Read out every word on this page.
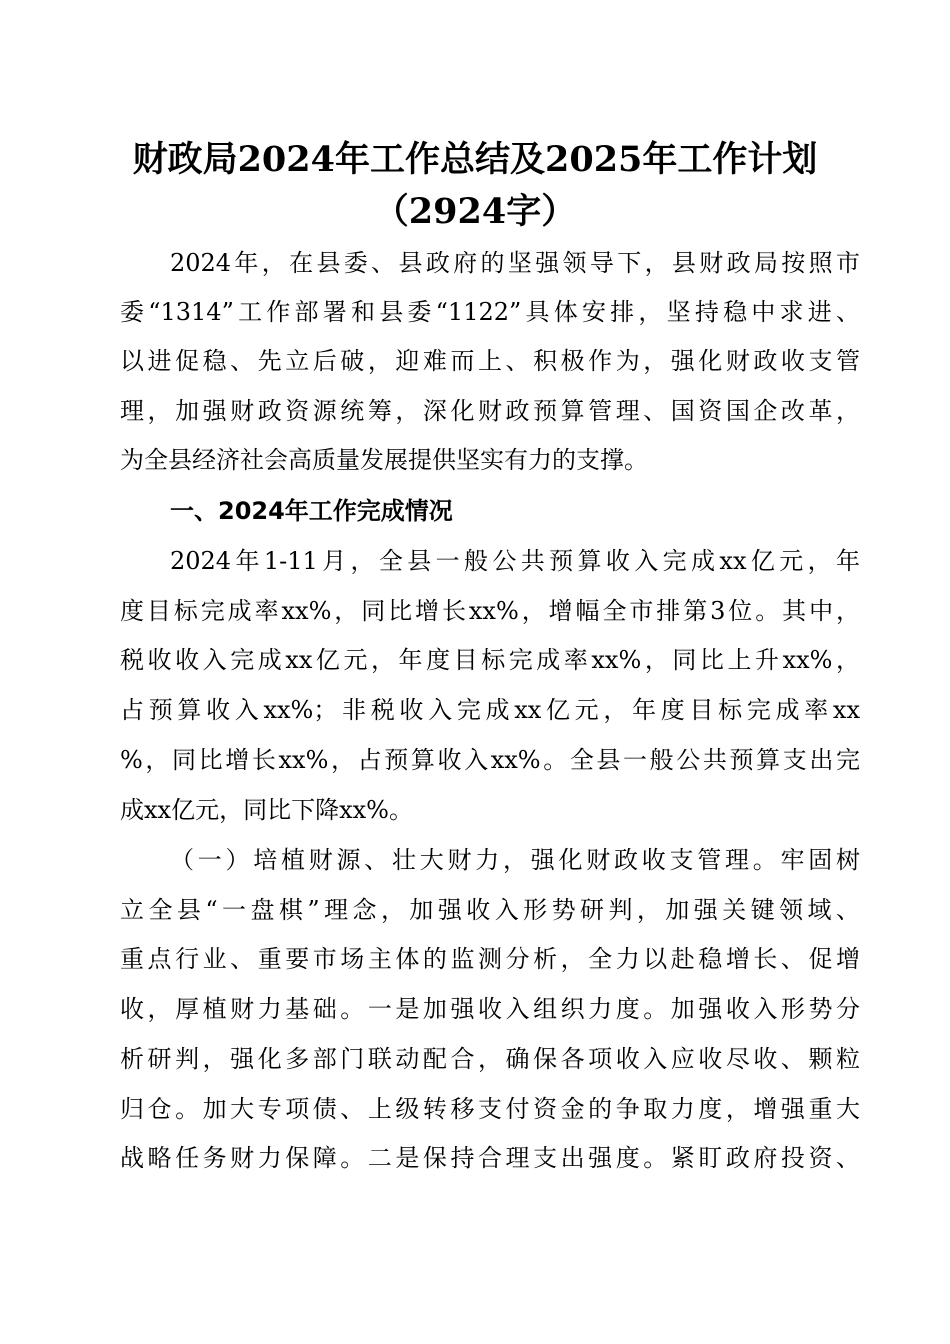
财政局2024年工作总结及2025年工作计划
（2924字）
2024年，在县委、县政府的坚强领导下，县财政局按照市
委“1314”工作部署和县委“1122”具体安排，坚持稳中求进、
以进促稳、先立后破，迎难而上、积极作为，强化财政收支管
理，加强财政资源统筹，深化财政预算管理、国资国企改革，
为全县经济社会高质量发展提供坚实有力的支撑。
一、2024年工作完成情况
2024年1-11月，全县一般公共预算收入完成xx亿元，年
度目标完成率xx%，同比增长xx%，增幅全市排第3位。其中，
税收收入完成xx亿元，年度目标完成率xx%，同比上升xx%，
占预算收入xx%；非税收入完成xx亿元，年度目标完成率xx
%，同比增长xx%，占预算收入xx%。全县一般公共预算支出完
成xx亿元，同比下降xx%。
（一）培植财源、壮大财力，强化财政收支管理。牢固树
立全县“一盘棋”理念，加强收入形势研判，加强关键领域、
重点行业、重要市场主体的监测分析，全力以赴稳增长、促增
收，厚植财力基础。一是加强收入组织力度。加强收入形势分
析研判，强化多部门联动配合，确保各项收入应收尽收、颗粒
归仓。加大专项债、上级转移支付资金的争取力度，增强重大
战略任务财力保障。二是保持合理支出强度。紧盯政府投资、
